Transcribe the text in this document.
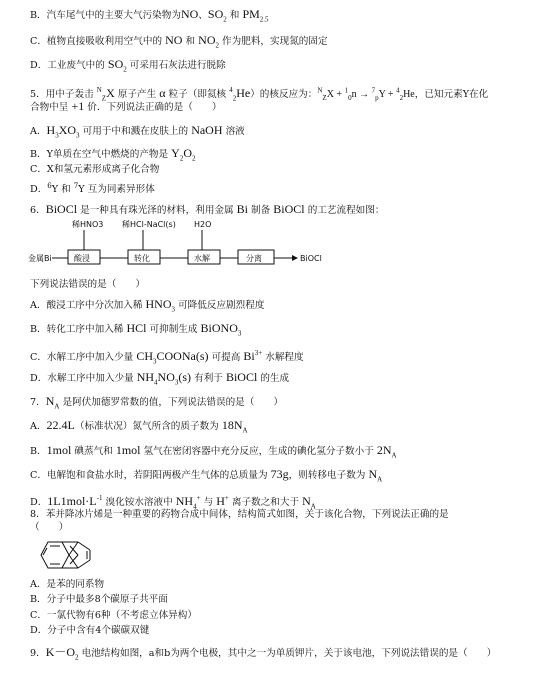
B．汽车尾气中的主要大气污染物为NO、$SO_2$ 和 $PM_{2.5}$
C．植物直接吸收利用空气中的 NO 和 $NO_2$ 作为肥料，实现氮的固定
D．工业废气中的 $SO_2$ 可采用石灰法进行脱除
5．用中子轰击 $^N_Z$X 原子产生 α 粒子（即氦核 $^4_2$He）的核反应为：$^N_Z$X + $^1_0$n → $^7_p$Y + $^4_2$He，已知元素Y在化
合物中呈 +1 价．下列说法正确的是（　　）
A．$H_3XO_3$ 可用于中和溅在皮肤上的 NaOH 溶液
B．Y单质在空气中燃烧的产物是 $Y_2O_2$
C．X和氢元素形成离子化合物
D．$^6$Y 和 $^7$Y 互为同素异形体
6．BiOCl 是一种具有珠光泽的材料，利用金属 Bi 制备 BiOCl 的工艺流程如图：
稀HNO3 稀HCl-NaCl(s) H2O
金属Bi	酸浸	转化	水解	分离	BiOCl
下列说法错误的是（　　）
A．酸浸工序中分次加入稀 $HNO_3$ 可降低反应剧烈程度
B．转化工序中加入稀 HCl 可抑制生成 BiONO$_3$
C．水解工序中加入少量 $CH_3COONa(s)$ 可提高 $Bi^{3+}$ 水解程度
D．水解工序中加入少量 $NH_4NO_3(s)$ 有利于 BiOCl 的生成
7．$N_A$ 是阿伏加德罗常数的值，下列说法错误的是（　　）
A．22.4L（标准状况）氮气所含的质子数为 $18N_A$
B．1mol 碘蒸气和 1mol 氢气在密闭容器中充分反应，生成的碘化氢分子数小于 $2N_A$
C．电解饱和食盐水时，若阴阳两极产生气体的总质量为 73g，则转移电子数为 $N_A$
D．$1L1mol\cdot L^{-1}$ 溴化铵水溶液中 $NH_4^+$ 与 H+ 离子数之和大于 $N_A$
8．苯并降冰片烯是一种重要的药物合成中间体，结构简式如图，关于该化合物，下列说法正确的是
（　　）
A．是苯的同系物
B．分子中最多8个碳原子共平面
C．一氯代物有6种（不考虑立体异构）
D．分子中含有4个碳碳双键
9．$K-O_2$ 电池结构如图，a和b为两个电极，其中之一为单质钾片，关于该电池，下列说法错误的是（　　）
